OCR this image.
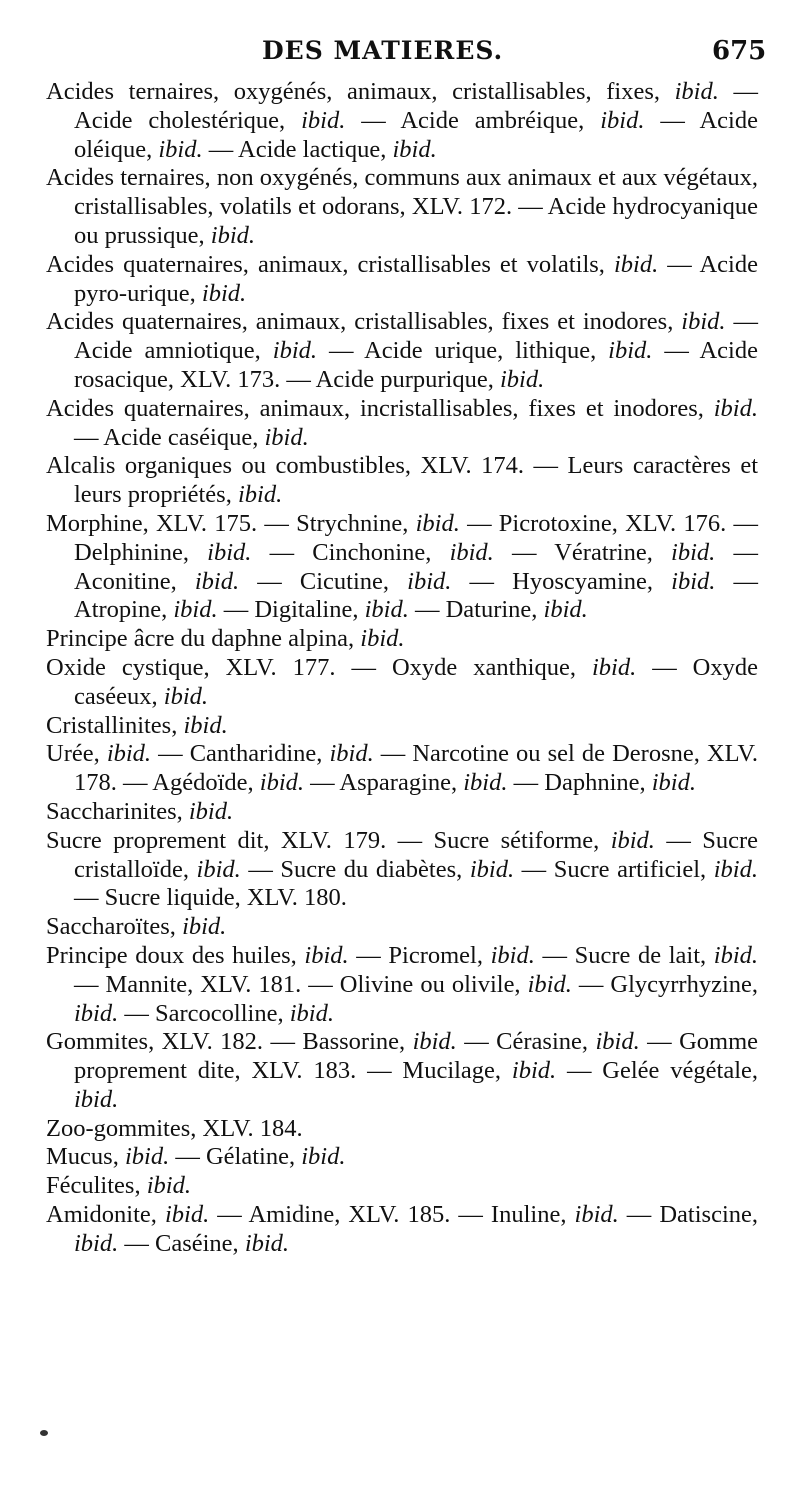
DES MATIERES.	675

Acides ternaires, oxygénés, animaux, cristallisables, fixes, ibid. — Acide cholestérique, ibid. — Acide ambréique, ibid. — Acide oléique, ibid. — Acide lactique, ibid.

Acides ternaires, non oxygénés, communs aux animaux et aux végétaux, cristallisables, volatils et odorans, XLV. 172. — Acide hydrocyanique ou prussique, ibid.

Acides quaternaires, animaux, cristallisables et volatils, ibid. — Acide pyro-urique, ibid.

Acides quaternaires, animaux, cristallisables, fixes et inodores, ibid. — Acide amniotique, ibid. — Acide urique, lithique, ibid. — Acide rosacique, XLV. 173. — Acide purpurique, ibid.

Acides quaternaires, animaux, incristallisables, fixes et inodores, ibid. — Acide caséique, ibid.

Alcalis organiques ou combustibles, XLV. 174. — Leurs caractères et leurs propriétés, ibid.

Morphine, XLV. 175. — Strychnine, ibid. — Picrotoxine, XLV. 176. — Delphinine, ibid. — Cinchonine, ibid. — Vératrine, ibid. — Aconitine, ibid. — Cicutine, ibid. — Hyoscyamine, ibid. — Atropine, ibid. — Digitaline, ibid. — Daturine, ibid.

Principe âcre du daphne alpina, ibid.

Oxide cystique, XLV. 177. — Oxyde xanthique, ibid. — Oxyde caséeux, ibid.

Cristallinites, ibid.

Urée, ibid. — Cantharidine, ibid. — Narcotine ou sel de Derosne, XLV. 178. — Agédoïde, ibid. — Asparagine, ibid. — Daphnine, ibid.

Saccharinites, ibid.

Sucre proprement dit, XLV. 179. — Sucre sétiforme, ibid. — Sucre cristalloïde, ibid. — Sucre du diabètes, ibid. — Sucre artificiel, ibid. — Sucre liquide, XLV. 180.

Saccharoïtes, ibid.

Principe doux des huiles, ibid. — Picromel, ibid. — Sucre de lait, ibid. — Mannite, XLV. 181. — Olivine ou olivile, ibid. — Glycyrrhyzine, ibid. — Sarcocolline, ibid.

Gommites, XLV. 182. — Bassorine, ibid. — Cérasine, ibid. — Gomme proprement dite, XLV. 183. — Mucilage, ibid. — Gelée végétale, ibid.

Zoo-gommites, XLV. 184.

Mucus, ibid. — Gélatine, ibid.

Féculites, ibid.

Amidonite, ibid. — Amidine, XLV. 185. — Inuline, ibid. — Datiscine, ibid. — Caséine, ibid.
